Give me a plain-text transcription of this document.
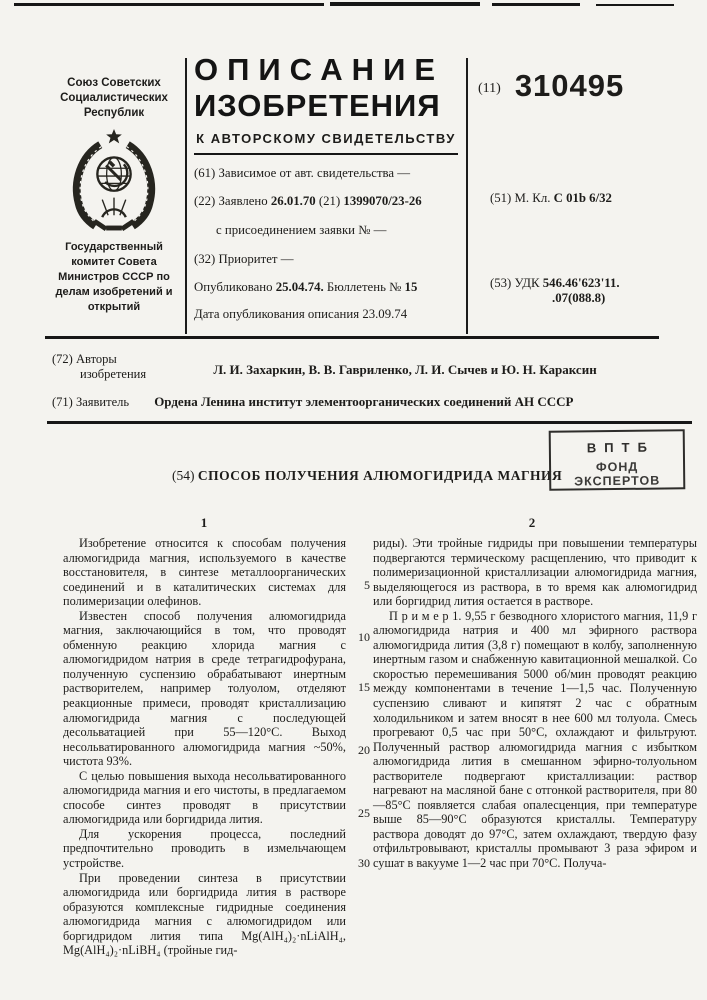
Союз Советских Социалистических Республик
Государственный комитет Совета Министров СССР по делам изобретений и открытий
ОПИСАНИЕ
ИЗОБРЕТЕНИЯ
К АВТОРСКОМУ СВИДЕТЕЛЬСТВУ
(61) Зависимое от авт. свидетельства —
(22) Заявлено 26.01.70 (21) 1399070/23-26
с присоединением заявки № —
(32) Приоритет —
Опубликовано 25.04.74. Бюллетень № 15
Дата опубликования описания 23.09.74
(11) 310495
(51) М. Кл. C 01b 6/32
(53) УДК 546.46'623'11.
.07(088.8)
(72) Авторы
изобретения	Л. И. Захаркин, В. В. Гавриленко, Л. И. Сычев и Ю. Н. Караксин
(71) Заявитель Ордена Ленина институт элементоорганических соединений АН СССР
(54) СПОСОБ ПОЛУЧЕНИЯ АЛЮМОГИДРИДА МАГНИЯ
ВПТБ
ФОНД ЭКСПЕРТОВ
1	2

Изобретение относится к способам получения алюмогидрида магния, используемого в качестве восстановителя, в синтезе металлоорганических соединений и в каталитических системах для полимеризации олефинов.

Известен способ получения алюмогидрида магния, заключающийся в том, что проводят обменную реакцию хлорида магния с алюмогидридом натрия в среде тетрагидрофурана, полученную суспензию обрабатывают инертным растворителем, например толуолом, отделяют реакционные примеси, проводят кристаллизацию алюмогидрида магния с последующей десольватацией при 55—120°С. Выход несольватированного алюмогидрида магния ~50%, чистота 93%.

С целью повышения выхода несольватированного алюмогидрида магния и его чистоты, в предлагаемом способе синтез проводят в присутствии алюмогидрида или боргидрида лития.

Для ускорения процесса, последний предпочтительно проводить в измельчающем устройстве.

При проведении синтеза в присутствии алюмогидрида или боргидрида лития в растворе образуются комплексные гидридные соединения алюмогидрида магния с алюмогидридом или боргидридом лития типа Mg(AlH₄)₂·nLiAlH₄, Mg(AlH₄)₂·nLiBH₄ (тройные гид-

5
10
15
20
25
30

риды). Эти тройные гидриды при повышении температуры подвергаются термическому расщеплению, что приводит к полимеризационной кристаллизации алюмогидрида магния, выделяющегося из раствора, в то время как алюмогидрид или боргидрид лития остается в растворе.

П р и м е р 1. 9,55 г безводного хлористого магния, 11,9 г алюмогидрида натрия и 400 мл эфирного раствора алюмогидрида лития (3,8 г) помещают в колбу, заполненную инертным газом и снабженную кавитационной мешалкой. Со скоростью перемешивания 5000 об/мин проводят реакцию между компонентами в течение 1—1,5 час. Полученную суспензию сливают и кипятят 2 час с обратным холодильником и затем вносят в нее 600 мл толуола. Смесь прогревают 0,5 час при 50°С, охлаждают и фильтруют. Полученный раствор алюмогидрида магния с избытком алюмогидрида лития в смешанном эфирно-толуольном растворителе подвергают кристаллизации: раствор нагревают на масляной бане с отгонкой растворителя, при 80—85°С появляется слабая опалесценция, при температуре выше 85—90°С образуются кристаллы. Температуру раствора доводят до 97°С, затем охлаждают, твердую фазу отфильтровывают, кристаллы промывают 3 раза эфиром и сушат в вакууме 1—2 час при 70°С. Получа-
